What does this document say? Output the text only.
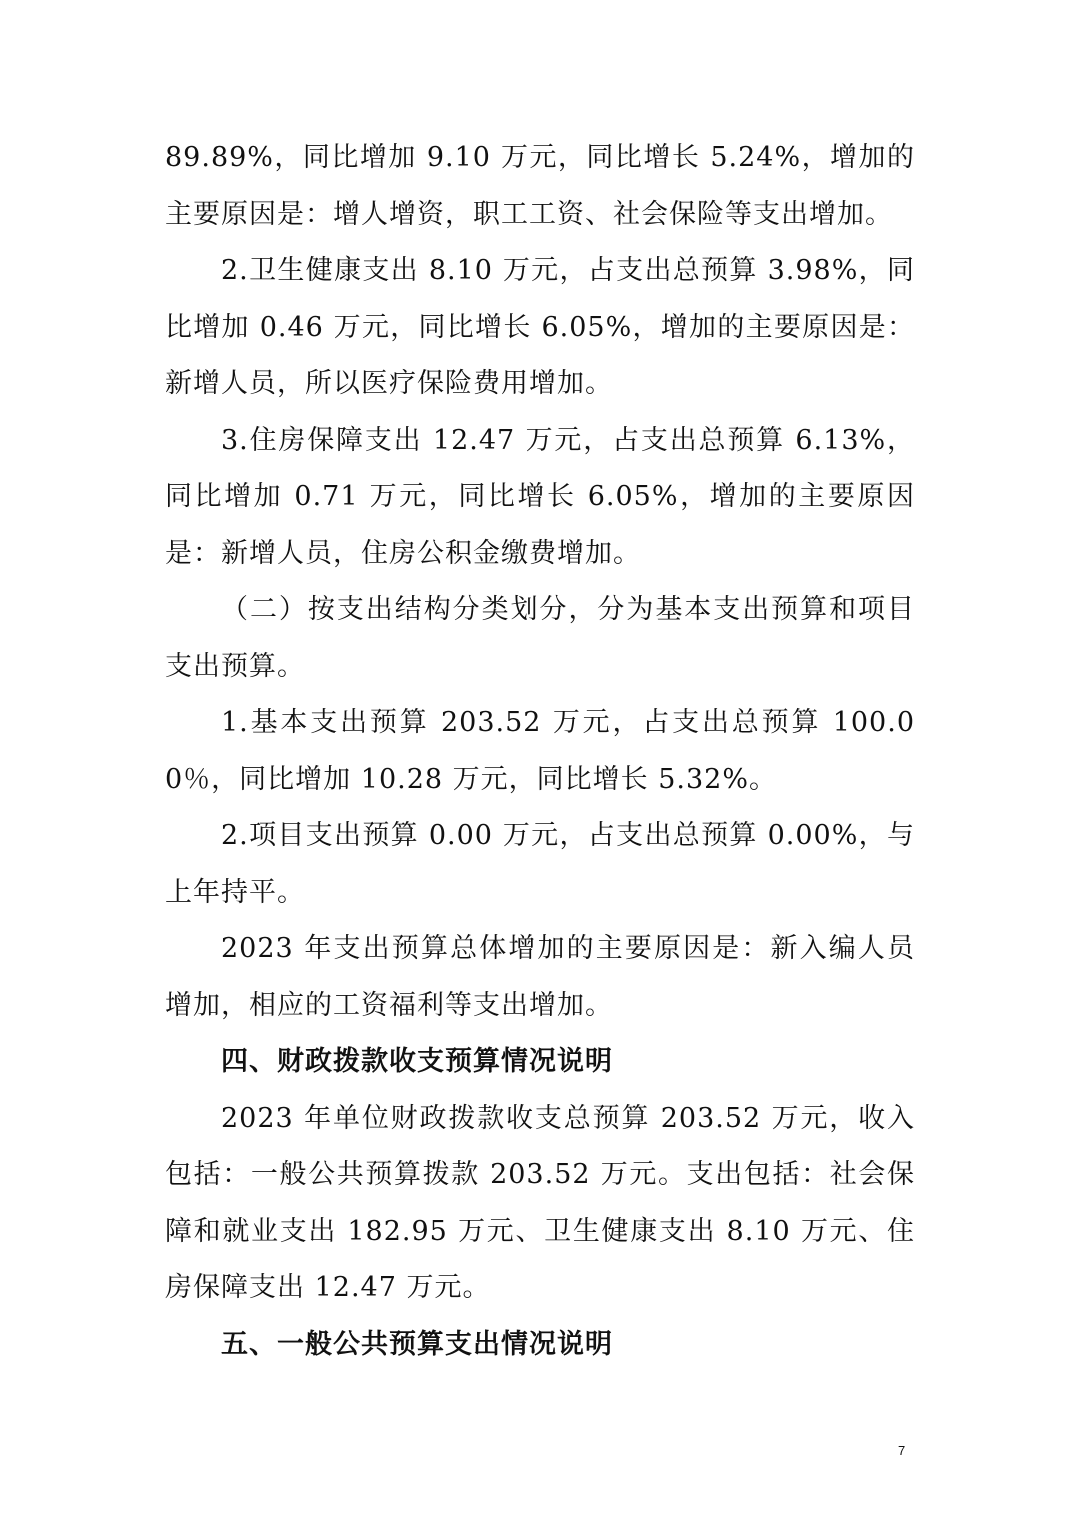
89.89%，同比增加 9.10 万元，同比增长 5.24%，增加的主要原因是：增人增资，职工工资、社会保险等支出增加。

2.卫生健康支出 8.10 万元，占支出总预算 3.98%，同比增加 0.46 万元，同比增长 6.05%，增加的主要原因是：新增人员，所以医疗保险费用增加。

3.住房保障支出 12.47 万元，占支出总预算 6.13%，同比增加 0.71 万元，同比增长 6.05%，增加的主要原因是：新增人员，住房公积金缴费增加。

（二）按支出结构分类划分，分为基本支出预算和项目支出预算。

1.基本支出预算 203.52 万元，占支出总预算 100.00％，同比增加 10.28 万元，同比增长 5.32%。

2.项目支出预算 0.00 万元，占支出总预算 0.00%，与上年持平。

2023 年支出预算总体增加的主要原因是：新入编人员增加，相应的工资福利等支出增加。

四、财政拨款收支预算情况说明

2023 年单位财政拨款收支总预算 203.52 万元，收入包括：一般公共预算拨款 203.52 万元。支出包括：社会保障和就业支出 182.95 万元、卫生健康支出 8.10 万元、住房保障支出 12.47 万元。

五、一般公共预算支出情况说明

7
